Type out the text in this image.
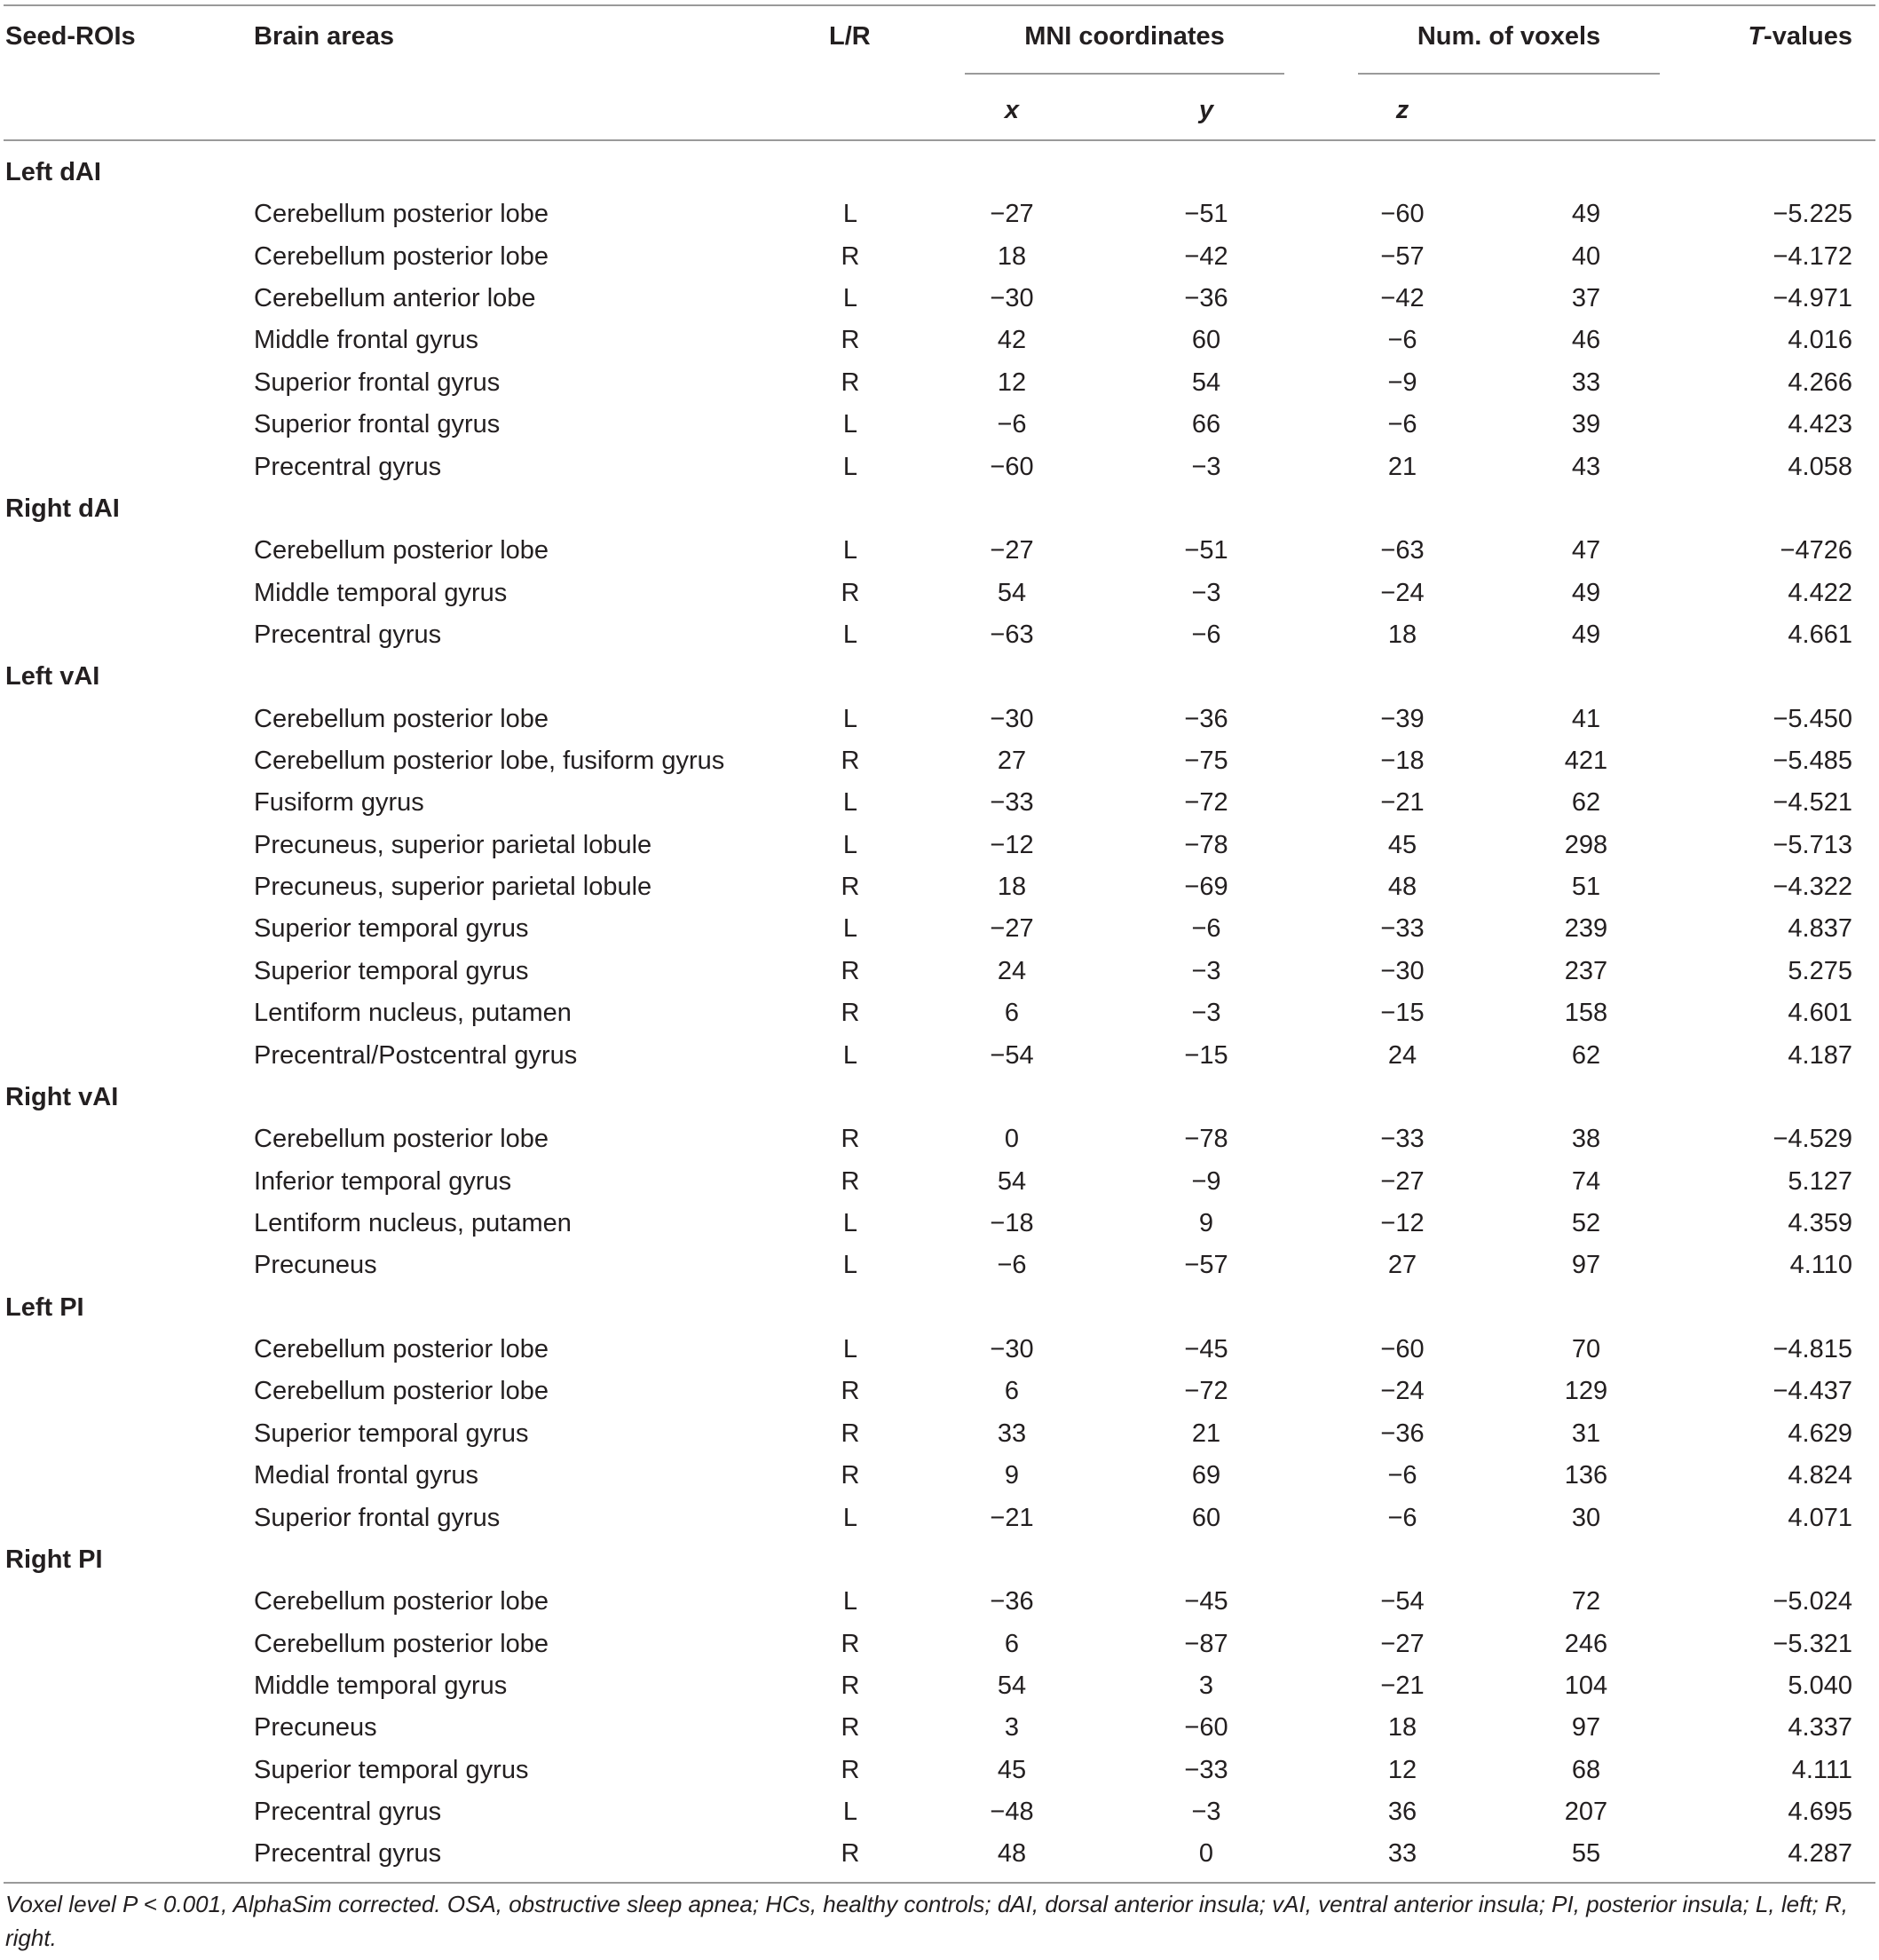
Seed-ROIs	Brain areas	L/R	MNI coordinates	Num. of voxels	T-values
x	y	z
Left dAI
Cerebellum posterior lobe	L	−27	−51	−60	49	−5.225
Cerebellum posterior lobe	R	18	−42	−57	40	−4.172
Cerebellum anterior lobe	L	−30	−36	−42	37	−4.971
Middle frontal gyrus	R	42	60	−6	46	4.016
Superior frontal gyrus	R	12	54	−9	33	4.266
Superior frontal gyrus	L	−6	66	−6	39	4.423
Precentral gyrus	L	−60	−3	21	43	4.058
Right dAI
Cerebellum posterior lobe	L	−27	−51	−63	47	−4726
Middle temporal gyrus	R	54	−3	−24	49	4.422
Precentral gyrus	L	−63	−6	18	49	4.661
Left vAI
Cerebellum posterior lobe	L	−30	−36	−39	41	−5.450
Cerebellum posterior lobe, fusiform gyrus	R	27	−75	−18	421	−5.485
Fusiform gyrus	L	−33	−72	−21	62	−4.521
Precuneus, superior parietal lobule	L	−12	−78	45	298	−5.713
Precuneus, superior parietal lobule	R	18	−69	48	51	−4.322
Superior temporal gyrus	L	−27	−6	−33	239	4.837
Superior temporal gyrus	R	24	−3	−30	237	5.275
Lentiform nucleus, putamen	R	6	−3	−15	158	4.601
Precentral/Postcentral gyrus	L	−54	−15	24	62	4.187
Right vAI
Cerebellum posterior lobe	R	0	−78	−33	38	−4.529
Inferior temporal gyrus	R	54	−9	−27	74	5.127
Lentiform nucleus, putamen	L	−18	9	−12	52	4.359
Precuneus	L	−6	−57	27	97	4.110
Left PI
Cerebellum posterior lobe	L	−30	−45	−60	70	−4.815
Cerebellum posterior lobe	R	6	−72	−24	129	−4.437
Superior temporal gyrus	R	33	21	−36	31	4.629
Medial frontal gyrus	R	9	69	−6	136	4.824
Superior frontal gyrus	L	−21	60	−6	30	4.071
Right PI
Cerebellum posterior lobe	L	−36	−45	−54	72	−5.024
Cerebellum posterior lobe	R	6	−87	−27	246	−5.321
Middle temporal gyrus	R	54	3	−21	104	5.040
Precuneus	R	3	−60	18	97	4.337
Superior temporal gyrus	R	45	−33	12	68	4.111
Precentral gyrus	L	−48	−3	36	207	4.695
Precentral gyrus	R	48	0	33	55	4.287
Voxel level P < 0.001, AlphaSim corrected. OSA, obstructive sleep apnea; HCs, healthy controls; dAI, dorsal anterior insula; vAI, ventral anterior insula; PI, posterior insula; L, left; R, right.
